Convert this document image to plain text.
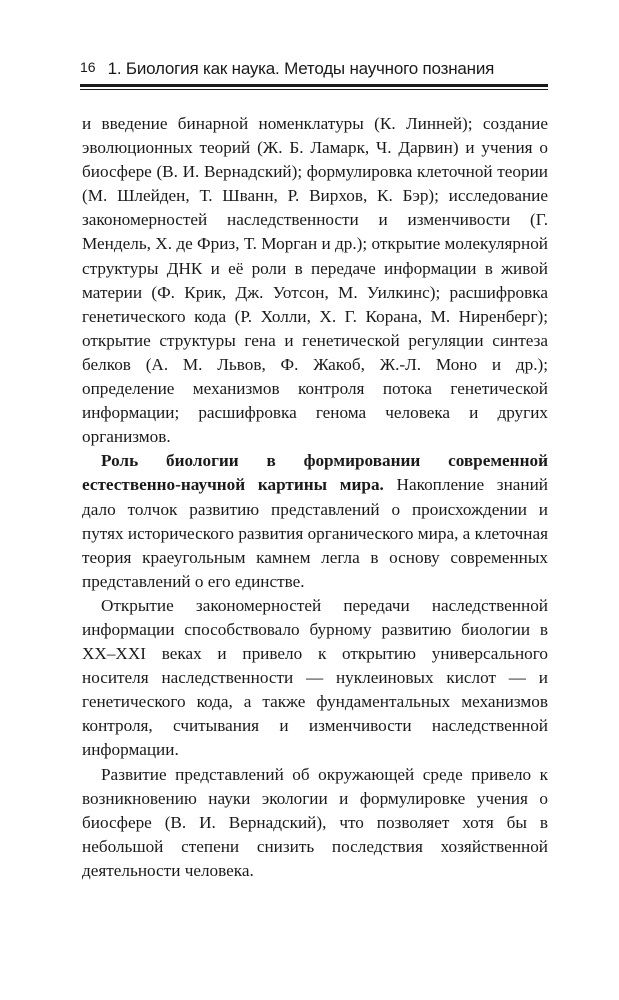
16 1. Биология как наука. Методы научного познания

и введение бинарной номенклатуры (К. Линней); создание эволюционных теорий (Ж. Б. Ламарк, Ч. Дарвин) и учения о биосфере (В. И. Вернадский); формулировка клеточной теории (М. Шлейден, Т. Шванн, Р. Вирхов, К. Бэр); исследование закономерностей наследственности и изменчивости (Г. Мендель, Х. де Фриз, Т. Морган и др.); открытие молекулярной структуры ДНК и её роли в передаче информации в живой материи (Ф. Крик, Дж. Уотсон, М. Уилкинс); расшифровка генетического кода (Р. Холли, Х. Г. Корана, М. Ниренберг); открытие структуры гена и генетической регуляции синтеза белков (А. М. Львов, Ф. Жакоб, Ж.-Л. Моно и др.); определение механизмов контроля потока генетической информации; расшифровка генома человека и других организмов.

Роль биологии в формировании современной естественно-научной картины мира. Накопление знаний дало толчок развитию представлений о происхождении и путях исторического развития органического мира, а клеточная теория краеугольным камнем легла в основу современных представлений о его единстве.

Открытие закономерностей передачи наследственной информации способствовало бурному развитию биологии в XX–XXI веках и привело к открытию универсального носителя наследственности — нуклеиновых кислот — и генетического кода, а также фундаментальных механизмов контроля, считывания и изменчивости наследственной информации.

Развитие представлений об окружающей среде привело к возникновению науки экологии и формулировке учения о биосфере (В. И. Вернадский), что позволяет хотя бы в небольшой степени снизить последствия хозяйственной деятельности человека.
